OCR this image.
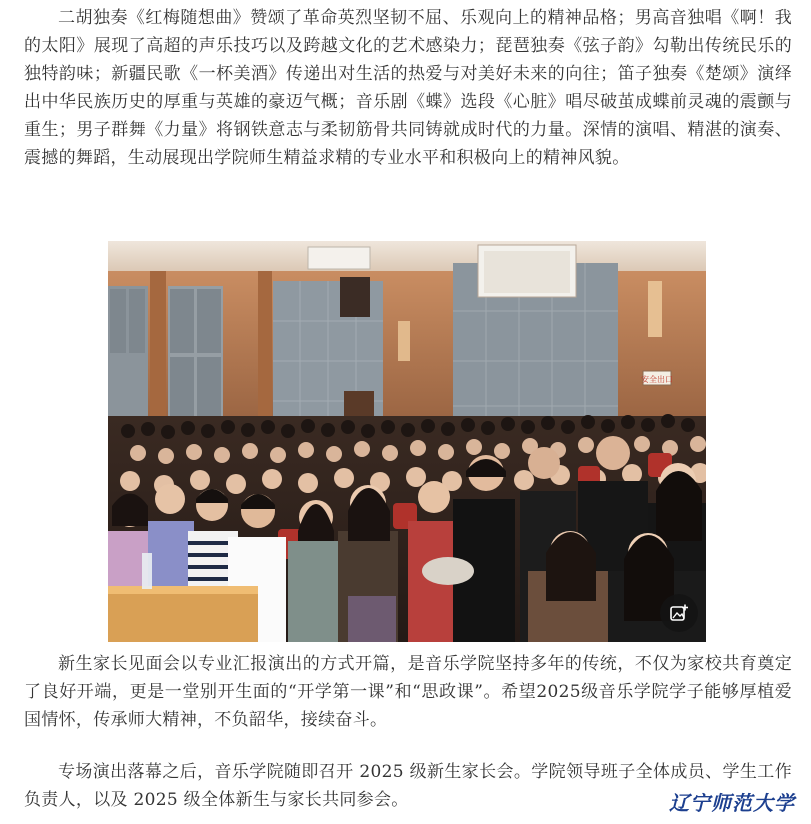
二胡独奏《红梅随想曲》赞颂了革命英烈坚韧不屈、乐观向上的精神品格；男高音独唱《啊！我的太阳》展现了高超的声乐技巧以及跨越文化的艺术感染力；琵琶独奏《弦子韵》勾勒出传统民乐的独特韵味；新疆民歌《一杯美酒》传递出对生活的热爱与对美好未来的向往；笛子独奏《楚颂》演绎出中华民族历史的厚重与英雄的豪迈气概；音乐剧《蝶》选段《心脏》唱尽破茧成蝶前灵魂的震颤与重生；男子群舞《力量》将钢铁意志与柔韧筋骨共同铸就成时代的力量。深情的演唱、精湛的演奏、震撼的舞蹈，生动展现出学院师生精益求精的专业水平和积极向上的精神风貌。

安全出口

新生家长见面会以专业汇报演出的方式开篇，是音乐学院坚持多年的传统，不仅为家校共育奠定了良好开端，更是一堂别开生面的“开学第一课”和“思政课”。希望2025级音乐学院学子能够厚植爱国情怀，传承师大精神，不负韶华，接续奋斗。

专场演出落幕之后，音乐学院随即召开 2025 级新生家长会。学院领导班子全体成员、学生工作负责人，以及 2025 级全体新生与家长共同参会。	辽宁师范大学
